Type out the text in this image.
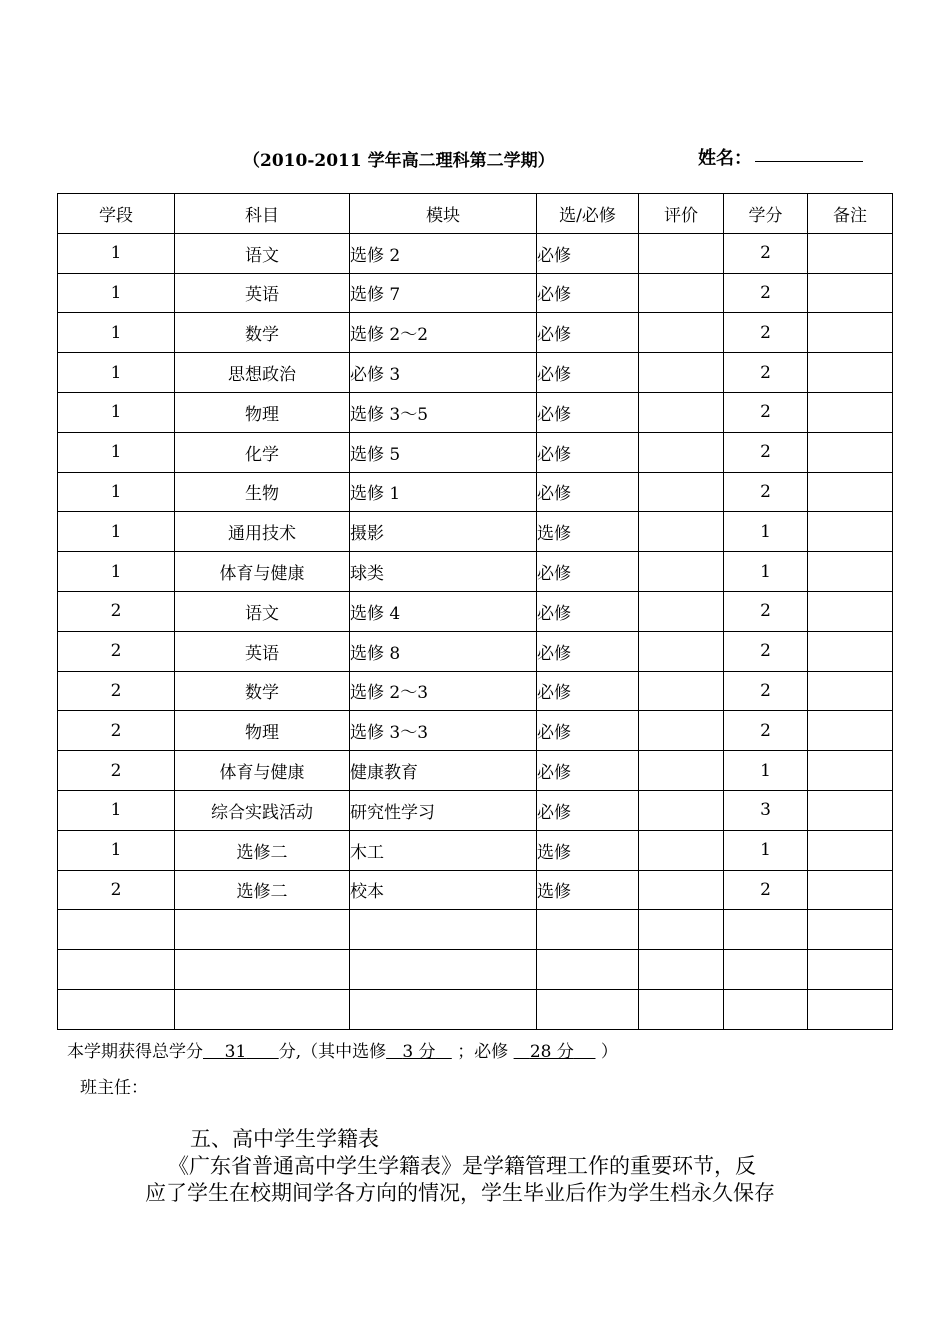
（2010-2011 学年高二理科第二学期）	姓名：
学段	科目	模块	选/必修	评价	学分	备注
1	语文	选修 2	必修		2	
1	英语	选修 7	必修		2	
1	数学	选修 2～2	必修		2	
1	思想政治	必修 3	必修		2	
1	物理	选修 3～5	必修		2	
1	化学	选修 5	必修		2	
1	生物	选修 1	必修		2	
1	通用技术	摄影	选修		1	
1	体育与健康	球类	必修		1	
2	语文	选修 4	必修		2	
2	英语	选修 8	必修		2	
2	数学	选修 2～3	必修		2	
2	物理	选修 3～3	必修		2	
2	体育与健康	健康教育	必修		1	
1	综合实践活动	研究性学习	必修		3	
1	选修二	木工	选修		1	
2	选修二	校本	选修		2	

本学期获得总学分 31 分,（其中选修 3 分 ；必修 28 分 ）
班主任：
五、高中学生学籍表
《广东省普通高中学生学籍表》是学籍管理工作的重要环节，反
应了学生在校期间学各方向的情况，学生毕业后作为学生档永久保存
